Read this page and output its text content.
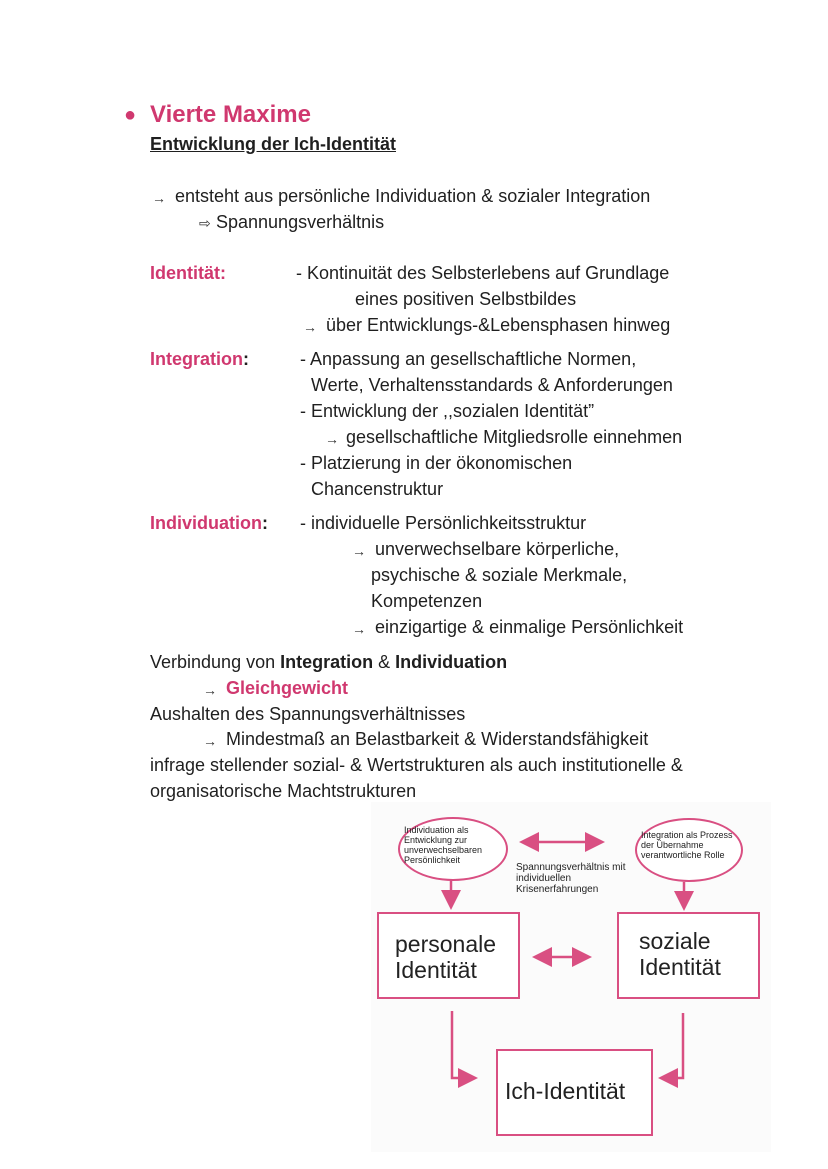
● Vierte Maxime
Entwicklung der Ich-Identität
→ entsteht aus persönliche Individuation & sozialer Integration
⇨ Spannungsverhältnis
Identität:	- Kontinuität des Selbsterlebens auf Grundlage
eines positiven Selbstbildes
→ über Entwicklungs-&Lebensphasen hinweg
Integration:	- Anpassung an gesellschaftliche Normen,
Werte, Verhaltensstandards & Anforderungen
- Entwicklung der ,,sozialen Identität”
→ gesellschaftliche Mitgliedsrolle einnehmen
- Platzierung in der ökonomischen
Chancenstruktur
Individuation: - individuelle Persönlichkeitsstruktur
→ unverwechselbare körperliche,
psychische & soziale Merkmale,
Kompetenzen
→ einzigartige & einmalige Persönlichkeit
Verbindung von Integration & Individuation
→ Gleichgewicht
Aushalten des Spannungsverhältnisses
→ Mindestmaß an Belastbarkeit & Widerstandsfähigkeit
infrage stellender sozial- & Wertstrukturen als auch institutionelle &
organisatorische Machtstrukturen
Individuation als Entwicklung zur unverwechselbaren Persönlichkeit
Integration als Prozess der Übernahme verantwortliche Rolle
Spannungsverhältnis mit individuellen Krisenerfahrungen
personale Identität
soziale Identität
Ich-Identität
